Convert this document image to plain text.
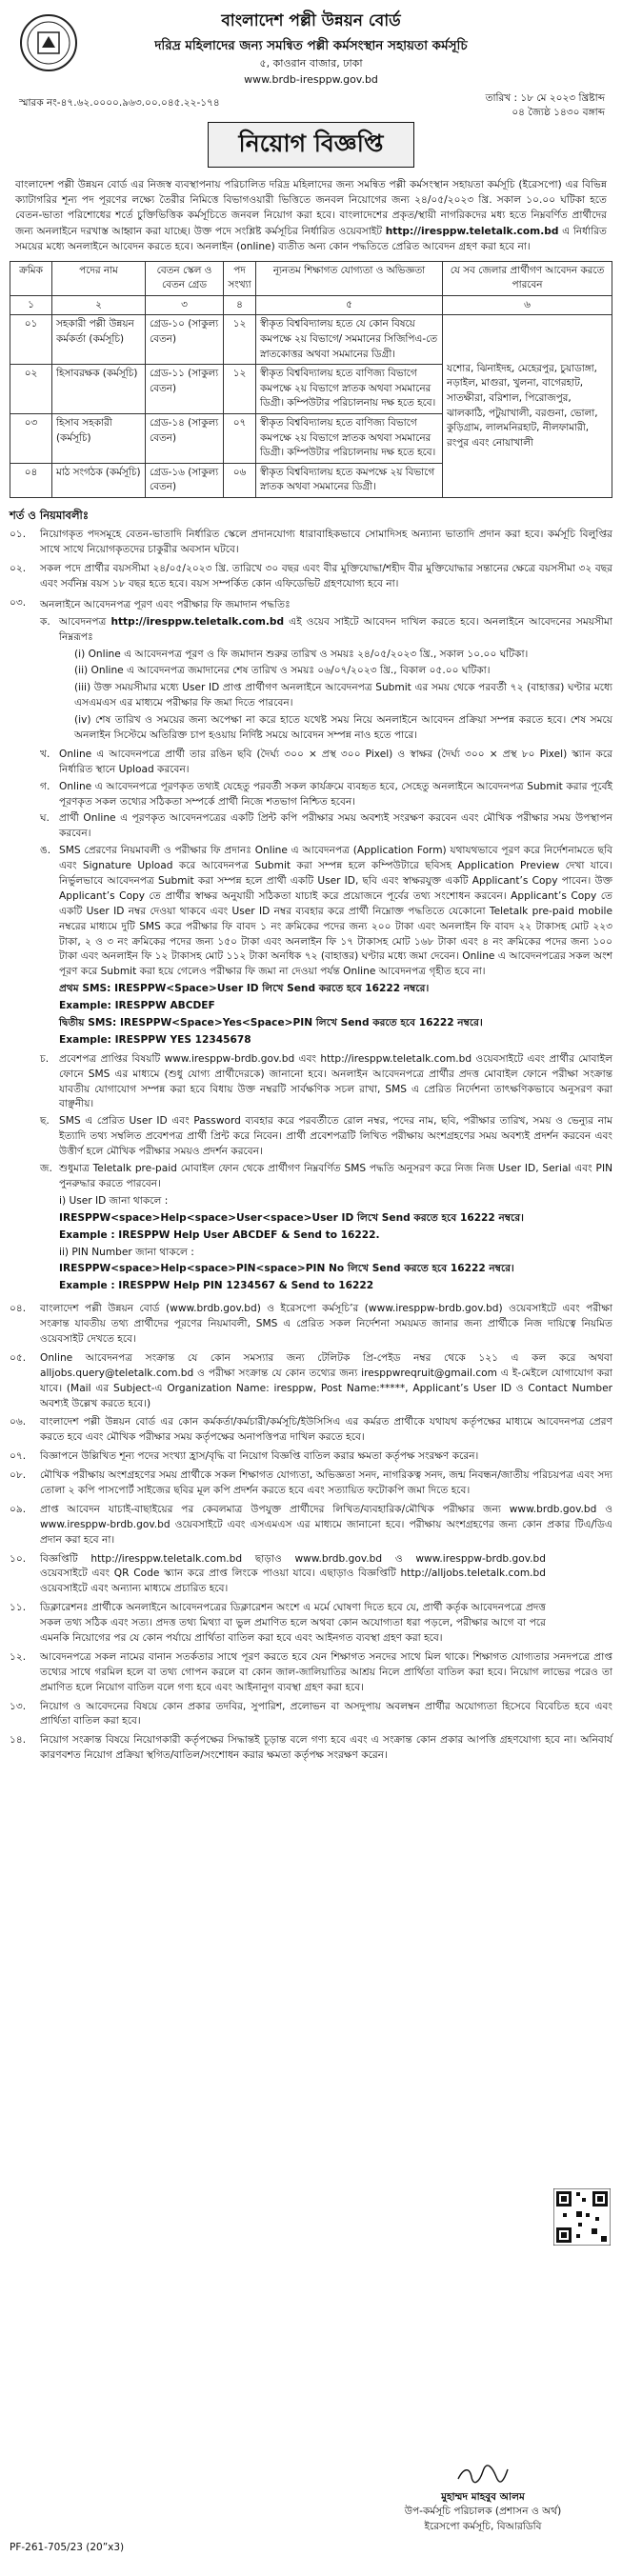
বাংলাদেশ পল্লী উন্নয়ন বোর্ড
দরিদ্র মহিলাদের জন্য সমন্বিত পল্লী কর্মসংস্থান সহায়তা কর্মসূচি
৫, কাওরান বাজার, ঢাকা
www.brdb-iresppw.gov.bd
স্মারক নং-৪৭.৬২.০০০০.৯৬৩.০০.০৪৫.২২-১৭৪	তারিখ : ১৮ মে ২০২৩ খ্রিষ্টাব্দ
০৪ জ্যৈষ্ঠ ১৪৩০ বঙ্গাব্দ
নিয়োগ বিজ্ঞপ্তি
বাংলাদেশ পল্লী উন্নয়ন বোর্ড এর নিজস্ব ব্যবস্থাপনায় পরিচালিত দরিদ্র মহিলাদের জন্য সমন্বিত পল্লী কর্মসংস্থান সহায়তা কর্মসূচি (ইরেসপো) এর বিভিন্ন ক্যাটাগরির শূন্য পদ পূরণের লক্ষ্যে তৈরীর নিমিত্তে বিভাগওয়ারী ভিত্তিতে জনবল নিয়োগের জন্য ২৪/০৫/২০২৩ খ্রি. সকাল ১০.০০ ঘটিকা হতে বেতন-ভাতা পরিশোধের শর্তে চুক্তিভিত্তিক কর্মসূচিতে জনবল নিয়োগ করা হবে। বাংলাদেশের প্রকৃত/স্থায়ী নাগরিকদের মধ্য হতে নিম্নবর্ণিত প্রার্থীদের জন্য অনলাইনে দরখাস্ত আহ্বান করা যাচ্ছে। উক্ত পদে সংশ্লিষ্ট কর্মসূচির নির্ধারিত ওয়েবসাইট http://iresppw.teletalk.com.bd এ নির্ধারিত সময়ের মধ্যে অনলাইনে আবেদন করতে হবে। অনলাইন (online) ব্যতীত অন্য কোন পদ্ধতিতে প্রেরিত আবেদন গ্রহণ করা হবে না।
ক্রমিক	পদের নাম	বেতন স্কেল ও বেতন গ্রেড	পদ সংখ্যা	ন্যূনতম শিক্ষাগত যোগ্যতা ও অভিজ্ঞতা	যে সব জেলার প্রার্থীগণ আবেদন করতে পারবেন
১	২	৩	৪	৫	৬
০১	সহকারী পল্লী উন্নয়ন কর্মকর্তা (কর্মসূচি)	গ্রেড-১০ (সাকুল্য বেতন)	১২	স্বীকৃত বিশ্ববিদ্যালয় হতে যে কোন বিষয়ে কমপক্ষে ২য় বিভাগে/ সমমানের সিজিপিএ-তে স্নাতকোত্তর অথবা সমমানের ডিগ্রী।	যশোর, ঝিনাইদহ, মেহেরপুর, চুয়াডাঙ্গা, নড়াইল, মাগুরা, খুলনা, বাগেরহাট, সাতক্ষীরা, বরিশাল, পিরোজপুর, ঝালকাঠি, পটুয়াখালী, বরগুনা, ভোলা, কুড়িগ্রাম, লালমনিরহাট, নীলফামারী, রংপুর এবং নোয়াখালী
০২	হিসাবরক্ষক (কর্মসূচি)	গ্রেড-১১ (সাকুল্য বেতন)	১২	স্বীকৃত বিশ্ববিদ্যালয় হতে বাণিজ্য বিভাগে কমপক্ষে ২য় বিভাগে স্নাতক অথবা সমমানের ডিগ্রী। কম্পিউটার পরিচালনায় দক্ষ হতে হবে।	
০৩	হিসাব সহকারী (কর্মসূচি)	গ্রেড-১৪ (সাকুল্য বেতন)	০৭	স্বীকৃত বিশ্ববিদ্যালয় হতে বাণিজ্য বিভাগে কমপক্ষে ২য় বিভাগে স্নাতক অথবা সমমানের ডিগ্রী। কম্পিউটার পরিচালনায় দক্ষ হতে হবে।	
০৪	মাঠ সংগঠক (কর্মসূচি)	গ্রেড-১৬ (সাকুল্য বেতন)	০৬	স্বীকৃত বিশ্ববিদ্যালয় হতে কমপক্ষে ২য় বিভাগে স্নাতক অথবা সমমানের ডিগ্রী।	
শর্ত ও নিয়মাবলীঃ
০১.	নিয়োগকৃত পদসমূহে বেতন-ভাতাদি নির্ধারিত স্কেলে প্রদানযোগ্য ধারাবাহিকভাবে সোমাদিসহ অন্যান্য ভাতাদি প্রদান করা হবে। কর্মসূচি বিলুপ্তির সাথে সাথে নিয়োগকৃতদের চাকুরীর অবসান ঘটবে।
০২.	সকল পদে প্রার্থীর বয়সসীমা ২৪/০৫/২০২৩ খ্রি. তারিখে ৩০ বছর এবং বীর মুক্তিযোদ্ধা/শহীদ বীর মুক্তিযোদ্ধার সন্তানের ক্ষেত্রে বয়সসীমা ৩২ বছর এবং সর্বনিম্ন বয়স ১৮ বছর হতে হবে। বয়স সম্পর্কিত কোন এফিডেভিট গ্রহণযোগ্য হবে না।
০৩.	অনলাইনে আবেদনপত্র পূরণ এবং পরীক্ষার ফি জমাদান পদ্ধতিঃ
ক. আবেদনপত্র http://iresppw.teletalk.com.bd এই ওয়েব সাইটে আবেদন দাখিল করতে হবে। অনলাইনে আবেদনের সময়সীমা নিম্নরূপঃ
(i) Online এ আবেদনপত্র পূরণ ও ফি জমাদান শুরুর তারিখ ও সময়ঃ ২৪/০৫/২০২৩ খ্রি., সকাল ১০.০০ ঘটিকা।
(ii) Online এ আবেদনপত্র জমাদানের শেষ তারিখ ও সময়ঃ ০৬/০৭/২০২৩ খ্রি., বিকাল ০৫.০০ ঘটিকা।
(iii) উক্ত সময়সীমার মধ্যে User ID প্রাপ্ত প্রার্থীগণ অনলাইনে আবেদনপত্র Submit এর সময় থেকে পরবর্তী ৭২ (বাহাত্তর) ঘণ্টার মধ্যে এসএমএস এর মাধ্যমে পরীক্ষার ফি জমা দিতে পারবেন।
(iv) শেষ তারিখ ও সময়ের জন্য অপেক্ষা না করে হাতে যথেষ্ট সময় নিয়ে অনলাইনে আবেদন প্রক্রিয়া সম্পন্ন করতে হবে। শেষ সময়ে অনলাইন সিস্টেমে অতিরিক্ত চাপ হওয়ায় নির্দিষ্ট সময়ে আবেদন সম্পন্ন নাও হতে পারে।
খ. Online এ আবেদনপত্রে প্রার্থী তার রঙিন ছবি (দৈর্ঘ্য ৩০০ × প্রস্থ ৩০০ Pixel) ও স্বাক্ষর (দৈর্ঘ্য ৩০০ × প্রস্থ ৮০ Pixel) স্ক্যান করে নির্ধারিত স্থানে Upload করবেন।
গ. Online এ আবেদনপত্রে পূরণকৃত তথ্যই যেহেতু পরবর্তী সকল কার্যক্রমে ব্যবহৃত হবে, সেহেতু অনলাইনে আবেদনপত্র Submit করার পূর্বেই পূরণকৃত সকল তথ্যের সঠিকতা সম্পর্কে প্রার্থী নিজে শতভাগ নিশ্চিত হবেন।
ঘ. প্রার্থী Online এ পূরণকৃত আবেদনপত্রের একটি প্রিন্ট কপি পরীক্ষার সময় অবশ্যই সংরক্ষণ করবেন এবং মৌখিক পরীক্ষার সময় উপস্থাপন করবেন।
ঙ. SMS প্রেরণের নিয়মাবলী ও পরীক্ষার ফি প্রদানঃ Online এ আবেদনপত্র (Application Form) যথাযথভাবে পূরণ করে নির্দেশনামতে ছবি এবং Signature Upload করে আবেদনপত্র Submit করা সম্পন্ন হলে কম্পিউটারে ছবিসহ Application Preview দেখা যাবে। নির্ভুলভাবে আবেদনপত্র Submit করা সম্পন্ন হলে প্রার্থী একটি User ID, ছবি এবং স্বাক্ষরযুক্ত একটি Applicant’s Copy পাবেন। উক্ত Applicant’s Copy তে প্রার্থীর স্বাক্ষর অনুযায়ী সঠিকতা যাচাই করে প্রয়োজনে পূর্বের তথ্য সংশোধন করবেন। Applicant’s Copy তে একটি User ID নম্বর দেওয়া থাকবে এবং User ID নম্বর ব্যবহার করে প্রার্থী নিম্নোক্ত পদ্ধতিতে যেকোনো Teletalk pre-paid mobile নম্বরের মাধ্যমে দুটি SMS করে পরীক্ষার ফি বাবদ ১ নং ক্রমিকের পদের জন্য ২০০ টাকা এবং অনলাইন ফি বাবদ ২২ টাকাসহ মোট ২২৩ টাকা, ২ ও ৩ নং ক্রমিকের পদের জন্য ১৫০ টাকা এবং অনলাইন ফি ১৭ টাকাসহ মোট ১৬৮ টাকা এবং ৪ নং ক্রমিকের পদের জন্য ১০০ টাকা এবং অনলাইন ফি ১২ টাকাসহ মোট ১১২ টাকা অনধিক ৭২ (বাহাত্তর) ঘণ্টার মধ্যে জমা দেবেন। Online এ আবেদনপত্রের সকল অংশ পূরণ করে Submit করা হয়ে গেলেও পরীক্ষার ফি জমা না দেওয়া পর্যন্ত Online আবেদনপত্র গৃহীত হবে না।
প্রথম SMS: IRESPPW<Space>User ID লিখে Send করতে হবে 16222 নম্বরে।
Example: IRESPPW ABCDEF
দ্বিতীয় SMS: IRESPPW<Space>Yes<Space>PIN লিখে Send করতে হবে 16222 নম্বরে।
Example: IRESPPW YES 12345678
চ.	প্রবেশপত্র প্রাপ্তির বিষয়টি www.iresppw-brdb.gov.bd এবং http://iresppw.teletalk.com.bd ওয়েবসাইটে এবং প্রার্থীর মোবাইল ফোনে SMS এর মাধ্যমে (শুধু যোগ্য প্রার্থীদেরকে) জানানো হবে। অনলাইন আবেদনপত্রে প্রার্থীর প্রদত্ত মোবাইল ফোনে পরীক্ষা সংক্রান্ত যাবতীয় যোগাযোগ সম্পন্ন করা হবে বিধায় উক্ত নম্বরটি সার্বক্ষণিক সচল রাখা, SMS এ প্রেরিত নির্দেশনা তাৎক্ষণিকভাবে অনুসরণ করা বাঞ্ছনীয়।
ছ. SMS এ প্রেরিত User ID এবং Password ব্যবহার করে পরবর্তীতে রোল নম্বর, পদের নাম, ছবি, পরীক্ষার তারিখ, সময় ও ভেন্যুর নাম ইত্যাদি তথ্য সম্বলিত প্রবেশপত্র প্রার্থী প্রিন্ট করে নিবেন। প্রার্থী প্রবেশপত্রটি লিখিত পরীক্ষায় অংশগ্রহণের সময় অবশ্যই প্রদর্শন করবেন এবং উত্তীর্ণ হলে মৌখিক পরীক্ষার সময়ও প্রদর্শন করবেন।
জ. শুধুমাত্র Teletalk pre-paid মোবাইল ফোন থেকে প্রার্থীগণ নিম্নবর্ণিত SMS পদ্ধতি অনুসরণ করে নিজ নিজ User ID, Serial এবং PIN পুনরুদ্ধার করতে পারবেন।
i) User ID জানা থাকলে :
IRESPPW<space>Help<space>User<space>User ID লিখে Send করতে হবে 16222 নম্বরে।
Example : IRESPPW Help User ABCDEF & Send to 16222.
ii) PIN Number জানা থাকলে :
IRESPPW<space>Help<space>PIN<space>PIN No লিখে Send করতে হবে 16222 নম্বরে।
Example : IRESPPW Help PIN 1234567 & Send to 16222
০৪.	বাংলাদেশ পল্লী উন্নয়ন বোর্ড (www.brdb.gov.bd) ও ইরেসপো কর্মসূচি’র (www.iresppw-brdb.gov.bd) ওয়েবসাইটে এবং পরীক্ষা সংক্রান্ত যাবতীয় তথ্য প্রার্থীদের পূরণের নিয়মাবলী, SMS এ প্রেরিত সকল নির্দেশনা সময়মত জানার জন্য প্রার্থীকে নিজ দায়িত্বে নিয়মিত ওয়েবসাইট দেখতে হবে।
০৫.	Online আবেদনপত্র সংক্রান্ত যে কোন সমস্যার জন্য টেলিটক প্রি-পেইড নম্বর থেকে ১২১ এ কল করে অথবা alljobs.query@teletalk.com.bd ও পরীক্ষা সংক্রান্ত যে কোন তথ্যের জন্য iresppwreqruit@gmail.com এ ই-মেইলে যোগাযোগ করা যাবে। (Mail এর Subject-এ Organization Name: iresppw, Post Name:*****, Applicant’s User ID ও Contact Number অবশ্যই উল্লেখ করতে হবে।)
০৬.	বাংলাদেশ পল্লী উন্নয়ন বোর্ড এর কোন কর্মকর্তা/কর্মচারী/কর্মসূচি/ইউসিসিএ এর কর্মরত প্রার্থীকে যথাযথ কর্তৃপক্ষের মাধ্যমে আবেদনপত্র প্রেরণ করতে হবে এবং মৌখিক পরীক্ষার সময় কর্তৃপক্ষের অনাপত্তিপত্র দাখিল করতে হবে।
০৭.	বিজ্ঞাপনে উল্লিখিত শূন্য পদের সংখ্যা হ্রাস/বৃদ্ধি বা নিয়োগ বিজ্ঞপ্তি বাতিল করার ক্ষমতা কর্তৃপক্ষ সংরক্ষণ করেন।
০৮.	মৌখিক পরীক্ষায় অংশগ্রহণের সময় প্রার্থীকে সকল শিক্ষাগত যোগ্যতা, অভিজ্ঞতা সনদ, নাগরিকত্ব সনদ, জন্ম নিবন্ধন/জাতীয় পরিচয়পত্র এবং সদ্য তোলা ২ কপি পাসপোর্ট সাইজের ছবির মূল কপি প্রদর্শন করতে হবে এবং সত্যায়িত ফটোকপি জমা দিতে হবে।
০৯.	প্রাপ্ত আবেদন যাচাই-বাছাইয়ের পর কেবলমাত্র উপযুক্ত প্রার্থীদের লিখিত/ব্যবহারিক/মৌখিক পরীক্ষার জন্য www.brdb.gov.bd ও www.iresppw-brdb.gov.bd ওয়েবসাইটে এবং এসএমএস এর মাধ্যমে জানানো হবে। পরীক্ষায় অংশগ্রহণের জন্য কোন প্রকার টিএ/ডিএ প্রদান করা হবে না।
১০.	বিজ্ঞপ্তিটি http://iresppw.teletalk.com.bd ছাড়াও www.brdb.gov.bd ও www.iresppw-brdb.gov.bd ওয়েবসাইটে এবং QR Code স্ক্যান করে প্রাপ্ত লিংকে পাওয়া যাবে। এছাড়াও বিজ্ঞপ্তিটি http://alljobs.teletalk.com.bd ওয়েবসাইটে এবং অন্যান্য মাধ্যমে প্রচারিত হবে।
১১.	ডিক্লারেশনঃ প্রার্থীকে অনলাইনে আবেদনপত্রের ডিক্লারেশন অংশে এ মর্মে ঘোষণা দিতে হবে যে, প্রার্থী কর্তৃক আবেদনপত্রে প্রদত্ত সকল তথ্য সঠিক এবং সত্য। প্রদত্ত তথ্য মিথ্যা বা ভুল প্রমাণিত হলে অথবা কোন অযোগ্যতা ধরা পড়লে, পরীক্ষার আগে বা পরে এমনকি নিয়োগের পর যে কোন পর্যায়ে প্রার্থিতা বাতিল করা হবে এবং আইনগত ব্যবস্থা গ্রহণ করা হবে।
১২.	আবেদনপত্রে সকল নামের বানান সতর্কতার সাথে পূরণ করতে হবে যেন শিক্ষাগত সনদের সাথে মিল থাকে। শিক্ষাগত যোগ্যতার সনদপত্রে প্রাপ্ত তথ্যের সাথে গরমিল হলে বা তথ্য গোপন করলে বা কোন জাল-জালিয়াতির আশ্রয় নিলে প্রার্থিতা বাতিল করা হবে। নিয়োগ লাভের পরেও তা প্রমাণিত হলে নিয়োগ বাতিল বলে গণ্য হবে এবং আইনানুগ ব্যবস্থা গ্রহণ করা হবে।
১৩.	নিয়োগ ও আবেদনের বিষয়ে কোন প্রকার তদবির, সুপারিশ, প্রলোভন বা অসদুপায় অবলম্বন প্রার্থীর অযোগ্যতা হিসেবে বিবেচিত হবে এবং প্রার্থিতা বাতিল করা হবে।
১৪.	নিয়োগ সংক্রান্ত বিষয়ে নিয়োগকারী কর্তৃপক্ষের সিদ্ধান্তই চূড়ান্ত বলে গণ্য হবে এবং এ সংক্রান্ত কোন প্রকার আপত্তি গ্রহণযোগ্য হবে না। অনিবার্য কারণবশত নিয়োগ প্রক্রিয়া স্থগিত/বাতিল/সংশোধন করার ক্ষমতা কর্তৃপক্ষ সংরক্ষণ করেন।
মুহাম্মদ মাহবুব আলম
উপ-কর্মসূচি পরিচালক (প্রশাসন ও অর্থ)
ইরেসপো কর্মসূচি, বিআরডিবি
PF-261-705/23 (20”x3)
